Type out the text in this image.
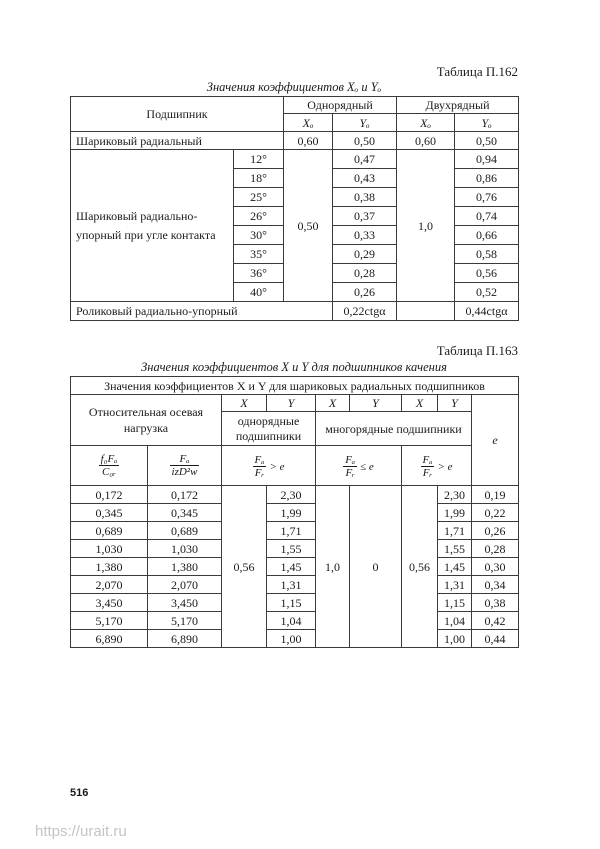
Таблица П.162
Значения коэффициентов Xₒ и Yₒ
Подшипник		Однорядный		Двухрядный	
		Xₒ	Yₒ	Xₒ	Yₒ
Шариковый радиальный		0,60	0,50	0,60	0,50
Шариковый радиально-упорный при угле контакта	12°	0,50	0,47	1,0	0,94
	18°		0,43		0,86
	25°		0,38		0,76
	26°		0,37		0,74
	30°		0,33		0,66
	35°		0,29		0,58
	36°		0,28		0,56
	40°		0,26		0,52
Роликовый радиально-упорный			0,22ctgα		0,44ctgα
Таблица П.163
Значения коэффициентов X и Y для подшипников качения
Значения коэффициентов X и Y для шариковых радиальных подшипников								
Относительная осевая нагрузка		X	Y	X	Y	X	Y	e
		однорядные подшипники		многорядные подшипники				

$\frac{\text{f₀Fₐ}}{\text{C₀ᵣ}}$	$\frac{\text{Fₐ}}{\text{izD²w}}$	$\frac{\text{Fₐ}}{\text{Fᵣ}} > e$		$\frac{\text{Fₐ}}{\text{Fᵣ}} \le e$		$\frac{\text{Fₐ}}{\text{Fᵣ}} > e$		

0,172	0,172	0,56	2,30	1,0	0	0,56	2,30	0,19
0,345	0,345		1,99				1,99	0,22
0,689	0,689		1,71				1,71	0,26
1,030	1,030		1,55				1,55	0,28
1,380	1,380		1,45				1,45	0,30
2,070	2,070		1,31				1,31	0,34
3,450	3,450		1,15				1,15	0,38
5,170	5,170		1,04				1,04	0,42
6,890	6,890		1,00				1,00	0,44
516
https://urait.ru
